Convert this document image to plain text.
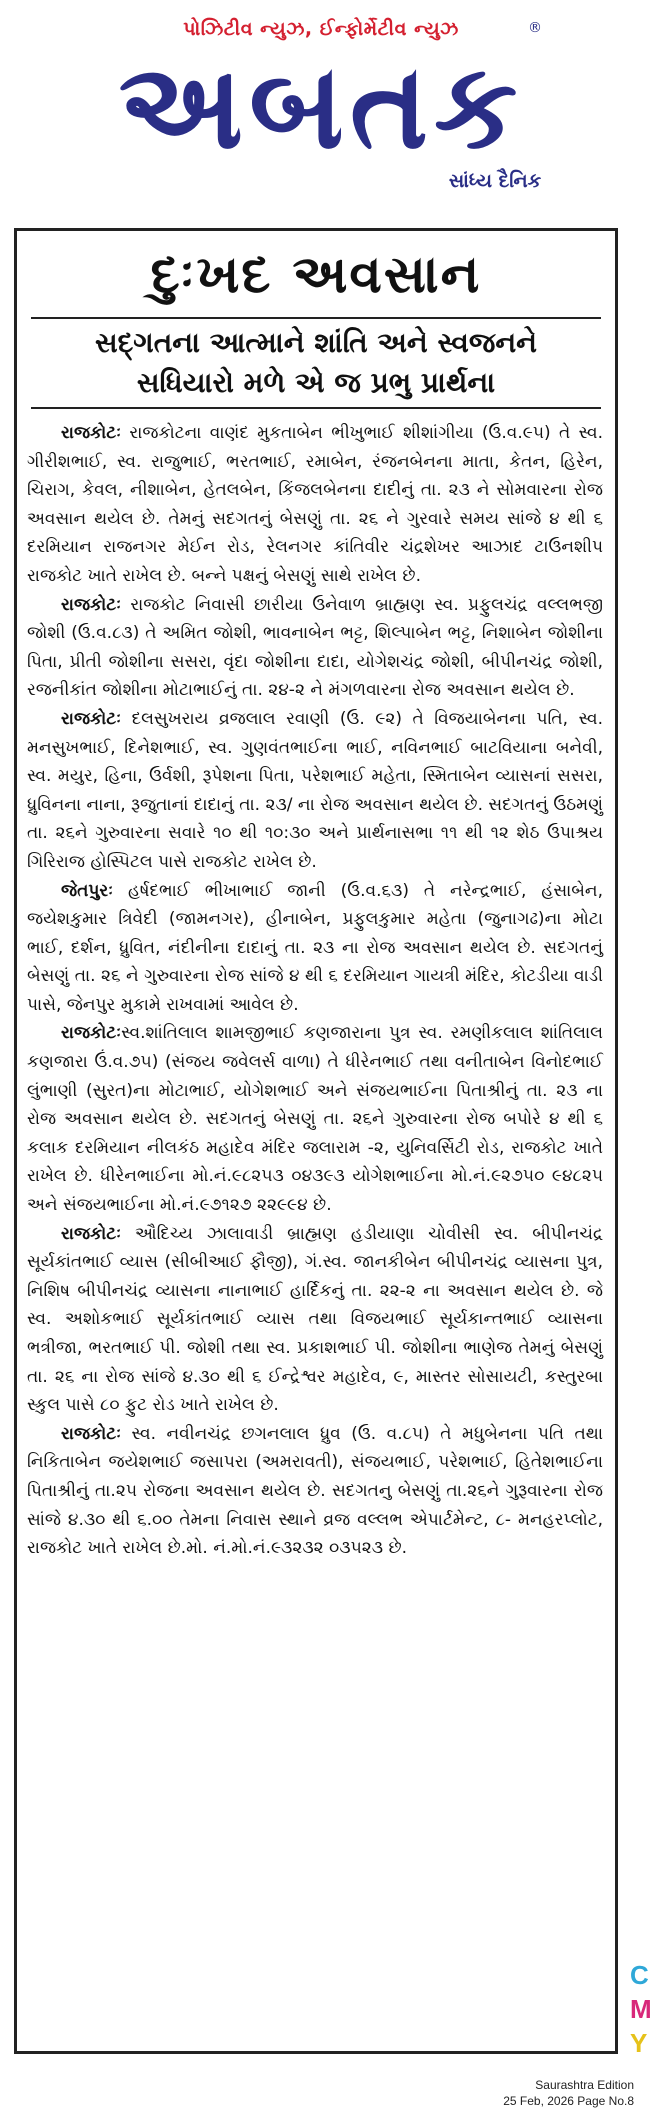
પોઝિટીવ ન્યુઝ, ઈન્ફોર્મેટીવ ન્યુઝ
અબતક
®
સાંધ્ય દૈનિક
દુઃખદ અવસાન
સદ્ગતના આત્માને શાંતિ અને સ્વજનને
સધિયારો મળે એ જ પ્રભુ પ્રાર્થના

રાજકોટઃ રાજકોટના વાણંદ મુકતાબેન ભીખુભાઈ શીશાંગીયા (ઉ.વ.૯૫) તે સ્વ. ગીરીશભાઈ, સ્વ. રાજુભાઈ, ભરતભાઈ, રમાબેન, રંજનબેનના માતા, કેતન, હિરેન, ચિરાગ, કેવલ, નીશાબેન, હેતલબેન, કિંજલબેનના દાદીનું તા. ૨૩ ને સોમવારના રોજ અવસાન થયેલ છે. તેમનું સદગતનું બેસણું તા. ૨૬ ને ગુરવારે સમય સાંજે ૪ થી ૬ દરમિયાન રાજનગર મેઈન રોડ, રેલનગર કાંતિવીર ચંદ્રશેખર આઝાદ ટાઉનશીપ રાજકોટ ખાતે રાખેલ છે. બન્ને પક્ષનું બેસણું સાથે રાખેલ છે.

રાજકોટઃ રાજકોટ નિવાસી છારીયા ઉનેવાળ બ્રાહ્મણ સ્વ. પ્રફુલચંદ્ર વલ્લભજી જોશી (ઉ.વ.૮૩) તે અમિત જોશી, ભાવનાબેન ભટ્ટ, શિલ્પાબેન ભટ્ટ, નિશાબેન જોશીના પિતા, પ્રીતી જોશીના સસરા, વૃંદા જોશીના દાદા, યોગેશચંદ્ર જોશી, બીપીનચંદ્ર જોશી, રજનીકાંત જોશીના મોટાભાઈનું તા. ૨૪-૨ ને મંગળવારના રોજ અવસાન થયેલ છે.

રાજકોટઃ દલસુખરાય વ્રજલાલ રવાણી (ઉ. ૯૨) તે વિજયાબેનના પતિ, સ્વ. મનસુખભાઈ, દિનેશભાઈ, સ્વ. ગુણવંતભાઈના ભાઈ, નવિનભાઈ બાટવિયાના બનેવી, સ્વ. મયુર, હિના, ઉર્વશી, રૂપેશના પિતા, પરેશભાઈ મહેતા, સ્મિતાબેન વ્યાસનાં સસરા, ધ્રુવિનના નાના, રૂજુતાનાં દાદાનું તા. ૨૩/ ના રોજ અવસાન થયેલ છે. સદગતનું ઉઠમણું તા. ૨૬ને ગુરુવારના સવારે ૧૦ થી ૧૦:૩૦ અને પ્રાર્થનાસભા ૧૧ થી ૧૨ શેઠ ઉપાશ્રય ગિરિરાજ હોસ્પિટલ પાસે રાજકોટ રાખેલ છે.

જેતપુરઃ હર્ષદભાઈ ભીખાભાઈ જાની (ઉ.વ.૬૩) તે નરેન્દ્રભાઈ, હંસાબેન, જયેશકુમાર ત્રિવેદી (જામનગર), હીનાબેન, પ્રફુલકુમાર મહેતા (જુનાગઢ)ના મોટા ભાઈ, દર્શન, ધ્રુવિત, નંદીનીના દાદાનું તા. ૨૩ ના રોજ અવસાન થયેલ છે. સદગતનું બેસણું તા. ૨૬ ને ગુરુવારના રોજ સાંજે ૪ થી ૬ દરમિયાન ગાયત્રી મંદિર, કોટડીયા વાડી પાસે, જેનપુર મુકામે રાખવામાં આવેલ છે.

રાજકોટઃસ્વ.શાંતિલાલ શામજીભાઈ કણજારાના પુત્ર સ્વ. રમણીકલાલ શાંતિલાલ કણજારા ઉં.વ.૭૫) (સંજય જવેલર્સ વાળા) તે ધીરેનભાઈ તથા વનીતાબેન વિનોદભાઈ લુંભાણી (સુરત)ના મોટાભાઈ, યોગેશભાઈ અને સંજયભાઈના પિતાશ્રીનું તા. ૨૩ ના રોજ અવસાન થયેલ છે. સદગતનું બેસણું તા. ૨૬ને ગુરુવારના રોજ બપોરે ૪ થી ૬ કલાક દરમિયાન નીલકંઠ મહાદેવ મંદિર જલારામ -૨, યુનિવર્સિટી રોડ, રાજકોટ ખાતે રાખેલ છે. ધીરેનભાઈના મો.નં.૯૮૨૫૩ ૦૪૩૯૩ યોગેશભાઈના મો.નં.૯૨૭૫૦ ૯૪૮૨૫ અને સંજયભાઈના મો.નં.૯૭૧૨૭ ૨૨૯૯૪ છે.

રાજકોટઃ ઔદિચ્ય ઝાલાવાડી બ્રાહ્મણ હડીયાણા ચોવીસી સ્વ. બીપીનચંદ્ર સૂર્યકાંતભાઈ વ્યાસ (સીબીઆઈ ફૌજી), ગં.સ્વ. જાનકીબેન બીપીનચંદ્ર વ્યાસના પુત્ર, નિશિષ બીપીનચંદ્ર વ્યાસના નાનાભાઈ હાર્દિકનું તા. ૨૨-૨ ના અવસાન થયેલ છે. જે સ્વ. અશોકભાઈ સૂર્યકાંતભાઈ વ્યાસ તથા વિજયભાઈ સૂર્યકાન્તભાઈ વ્યાસના ભત્રીજા, ભરતભાઈ પી. જોશી તથા સ્વ. પ્રકાશભાઈ પી. જોશીના ભાણેજ તેમનું બેસણું તા. ૨૬ ના રોજ સાંજે ૪.૩૦ થી ૬ ઈન્દ્રેશ્વર મહાદેવ, ૯, માસ્તર સોસાયટી, કસ્તુરબા સ્કુલ પાસે ૮૦ ફુટ રોડ ખાતે રાખેલ છે.

રાજકોટઃ સ્વ. નવીનચંદ્ર છગનલાલ ધ્રુવ (ઉ. વ.૮૫) તે મધુબેનના પતિ તથા નિકિતાબેન જયેશભાઈ જસાપરા (અમરાવતી), સંજયભાઈ, પરેશભાઈ, હિતેશભાઈના પિતાશ્રીનું તા.૨૫ રોજના અવસાન થયેલ છે. સદગતનુ બેસણું તા.૨૬ને ગુરૂવારના રોજ સાંજે ૪.૩૦ થી ૬.૦૦ તેમના નિવાસ સ્થાને વ્રજ વલ્લભ એપાર્ટમેન્ટ, ૮- મનહરપ્લોટ, રાજકોટ ખાતે રાખેલ છે.મો. નં.મો.નં.૯૩૨૩૨ ૦૩૫૨૩ છે.

C
M
Y
Saurashtra Edition
25 Feb, 2026 Page No.8
